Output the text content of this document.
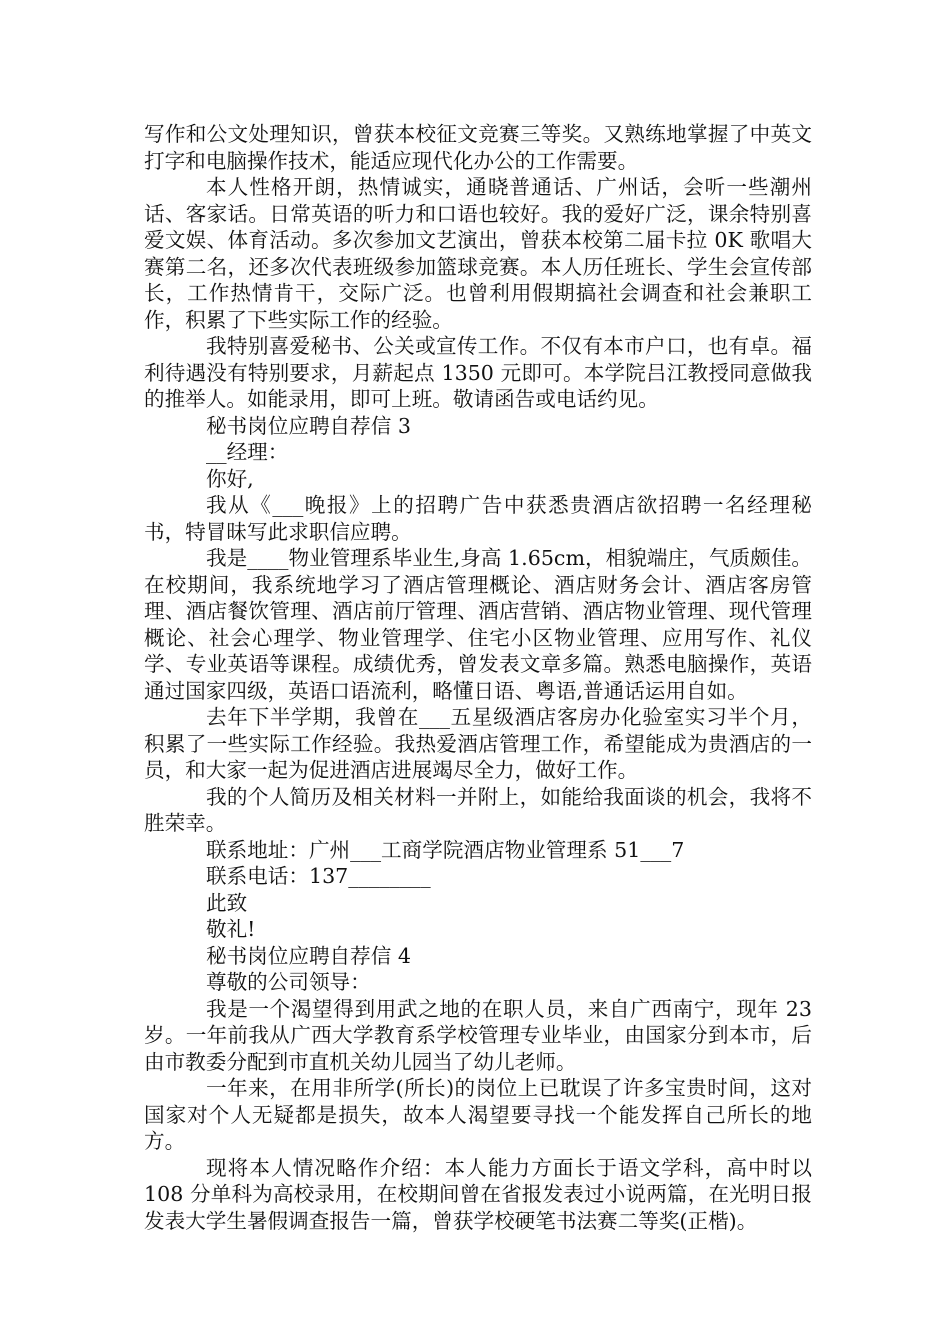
写作和公文处理知识，曾获本校征文竞赛三等奖。又熟练地掌握了中英文打字和电脑操作技术，能适应现代化办公的工作需要。

本人性格开朗，热情诚实，通晓普通话、广州话，会听一些潮州话、客家话。日常英语的听力和口语也较好。我的爱好广泛，课余特别喜爱文娱、体育活动。多次参加文艺演出，曾获本校第二届卡拉 0K 歌唱大赛第二名，还多次代表班级参加篮球竞赛。本人历任班长、学生会宣传部长，工作热情肯干，交际广泛。也曾利用假期搞社会调查和社会兼职工作，积累了下些实际工作的经验。

我特别喜爱秘书、公关或宣传工作。不仅有本市户口，也有卓。福利待遇没有特别要求，月薪起点 1350 元即可。本学院吕江教授同意做我的推举人。如能录用，即可上班。敬请函告或电话约见。

秘书岗位应聘自荐信 3

__经理：

你好,

我从《___晚报》上的招聘广告中获悉贵酒店欲招聘一名经理秘书，特冒昧写此求职信应聘。

我是____物业管理系毕业生,身高 1.65cm，相貌端庄，气质颇佳。在校期间，我系统地学习了酒店管理概论、酒店财务会计、酒店客房管理、酒店餐饮管理、酒店前厅管理、酒店营销、酒店物业管理、现代管理概论、社会心理学、物业管理学、住宅小区物业管理、应用写作、礼仪学、专业英语等课程。成绩优秀，曾发表文章多篇。熟悉电脑操作，英语通过国家四级，英语口语流利，略懂日语、粤语,普通话运用自如。

去年下半学期，我曾在___五星级酒店客房办化验室实习半个月，积累了一些实际工作经验。我热爱酒店管理工作，希望能成为贵酒店的一员，和大家一起为促进酒店进展竭尽全力，做好工作。

我的个人简历及相关材料一并附上，如能给我面谈的机会，我将不胜荣幸。

联系地址：广州___工商学院酒店物业管理系 51___7

联系电话：137________

此致

敬礼!

秘书岗位应聘自荐信 4

尊敬的公司领导：

我是一个渴望得到用武之地的在职人员，来自广西南宁，现年 23 岁。一年前我从广西大学教育系学校管理专业毕业，由国家分到本市，后由市教委分配到市直机关幼儿园当了幼儿老师。

一年来，在用非所学(所长)的岗位上已耽误了许多宝贵时间，这对国家对个人无疑都是损失，故本人渴望要寻找一个能发挥自己所长的地方。

现将本人情况略作介绍：本人能力方面长于语文学科，高中时以 108 分单科为高校录用，在校期间曾在省报发表过小说两篇，在光明日报发表大学生暑假调查报告一篇，曾获学校硬笔书法赛二等奖(正楷)。
